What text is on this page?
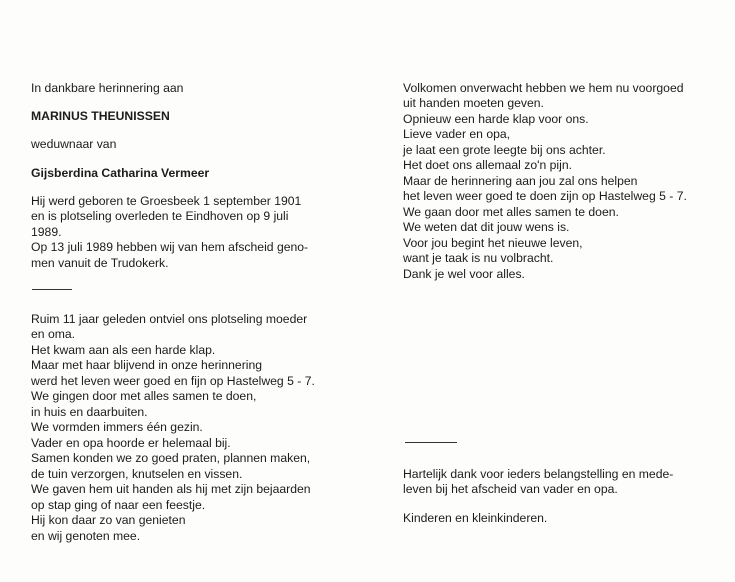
In dankbare herinnering aan
MARINUS THEUNISSEN
weduwnaar van
Gijsberdina Catharina Vermeer
Hij werd geboren te Groesbeek 1 september 1901
en is plotseling overleden te Eindhoven op 9 juli
1989.
Op 13 juli 1989 hebben wij van hem afscheid geno-
men vanuit de Trudokerk.
Ruim 11 jaar geleden ontviel ons plotseling moeder
en oma.
Het kwam aan als een harde klap.
Maar met haar blijvend in onze herinnering
werd het leven weer goed en fijn op Hastelweg 5 - 7.
We gingen door met alles samen te doen,
in huis en daarbuiten.
We vormden immers één gezin.
Vader en opa hoorde er helemaal bij.
Samen konden we zo goed praten, plannen maken,
de tuin verzorgen, knutselen en vissen.
We gaven hem uit handen als hij met zijn bejaarden
op stap ging of naar een feestje.
Hij kon daar zo van genieten
en wij genoten mee.
Volkomen onverwacht hebben we hem nu voorgoed
uit handen moeten geven.
Opnieuw een harde klap voor ons.
Lieve vader en opa,
je laat een grote leegte bij ons achter.
Het doet ons allemaal zo'n pijn.
Maar de herinnering aan jou zal ons helpen
het leven weer goed te doen zijn op Hastelweg 5 - 7.
We gaan door met alles samen te doen.
We weten dat dit jouw wens is.
Voor jou begint het nieuwe leven,
want je taak is nu volbracht.
Dank je wel voor alles.
Hartelijk dank voor ieders belangstelling en mede-
leven bij het afscheid van vader en opa.
Kinderen en kleinkinderen.
